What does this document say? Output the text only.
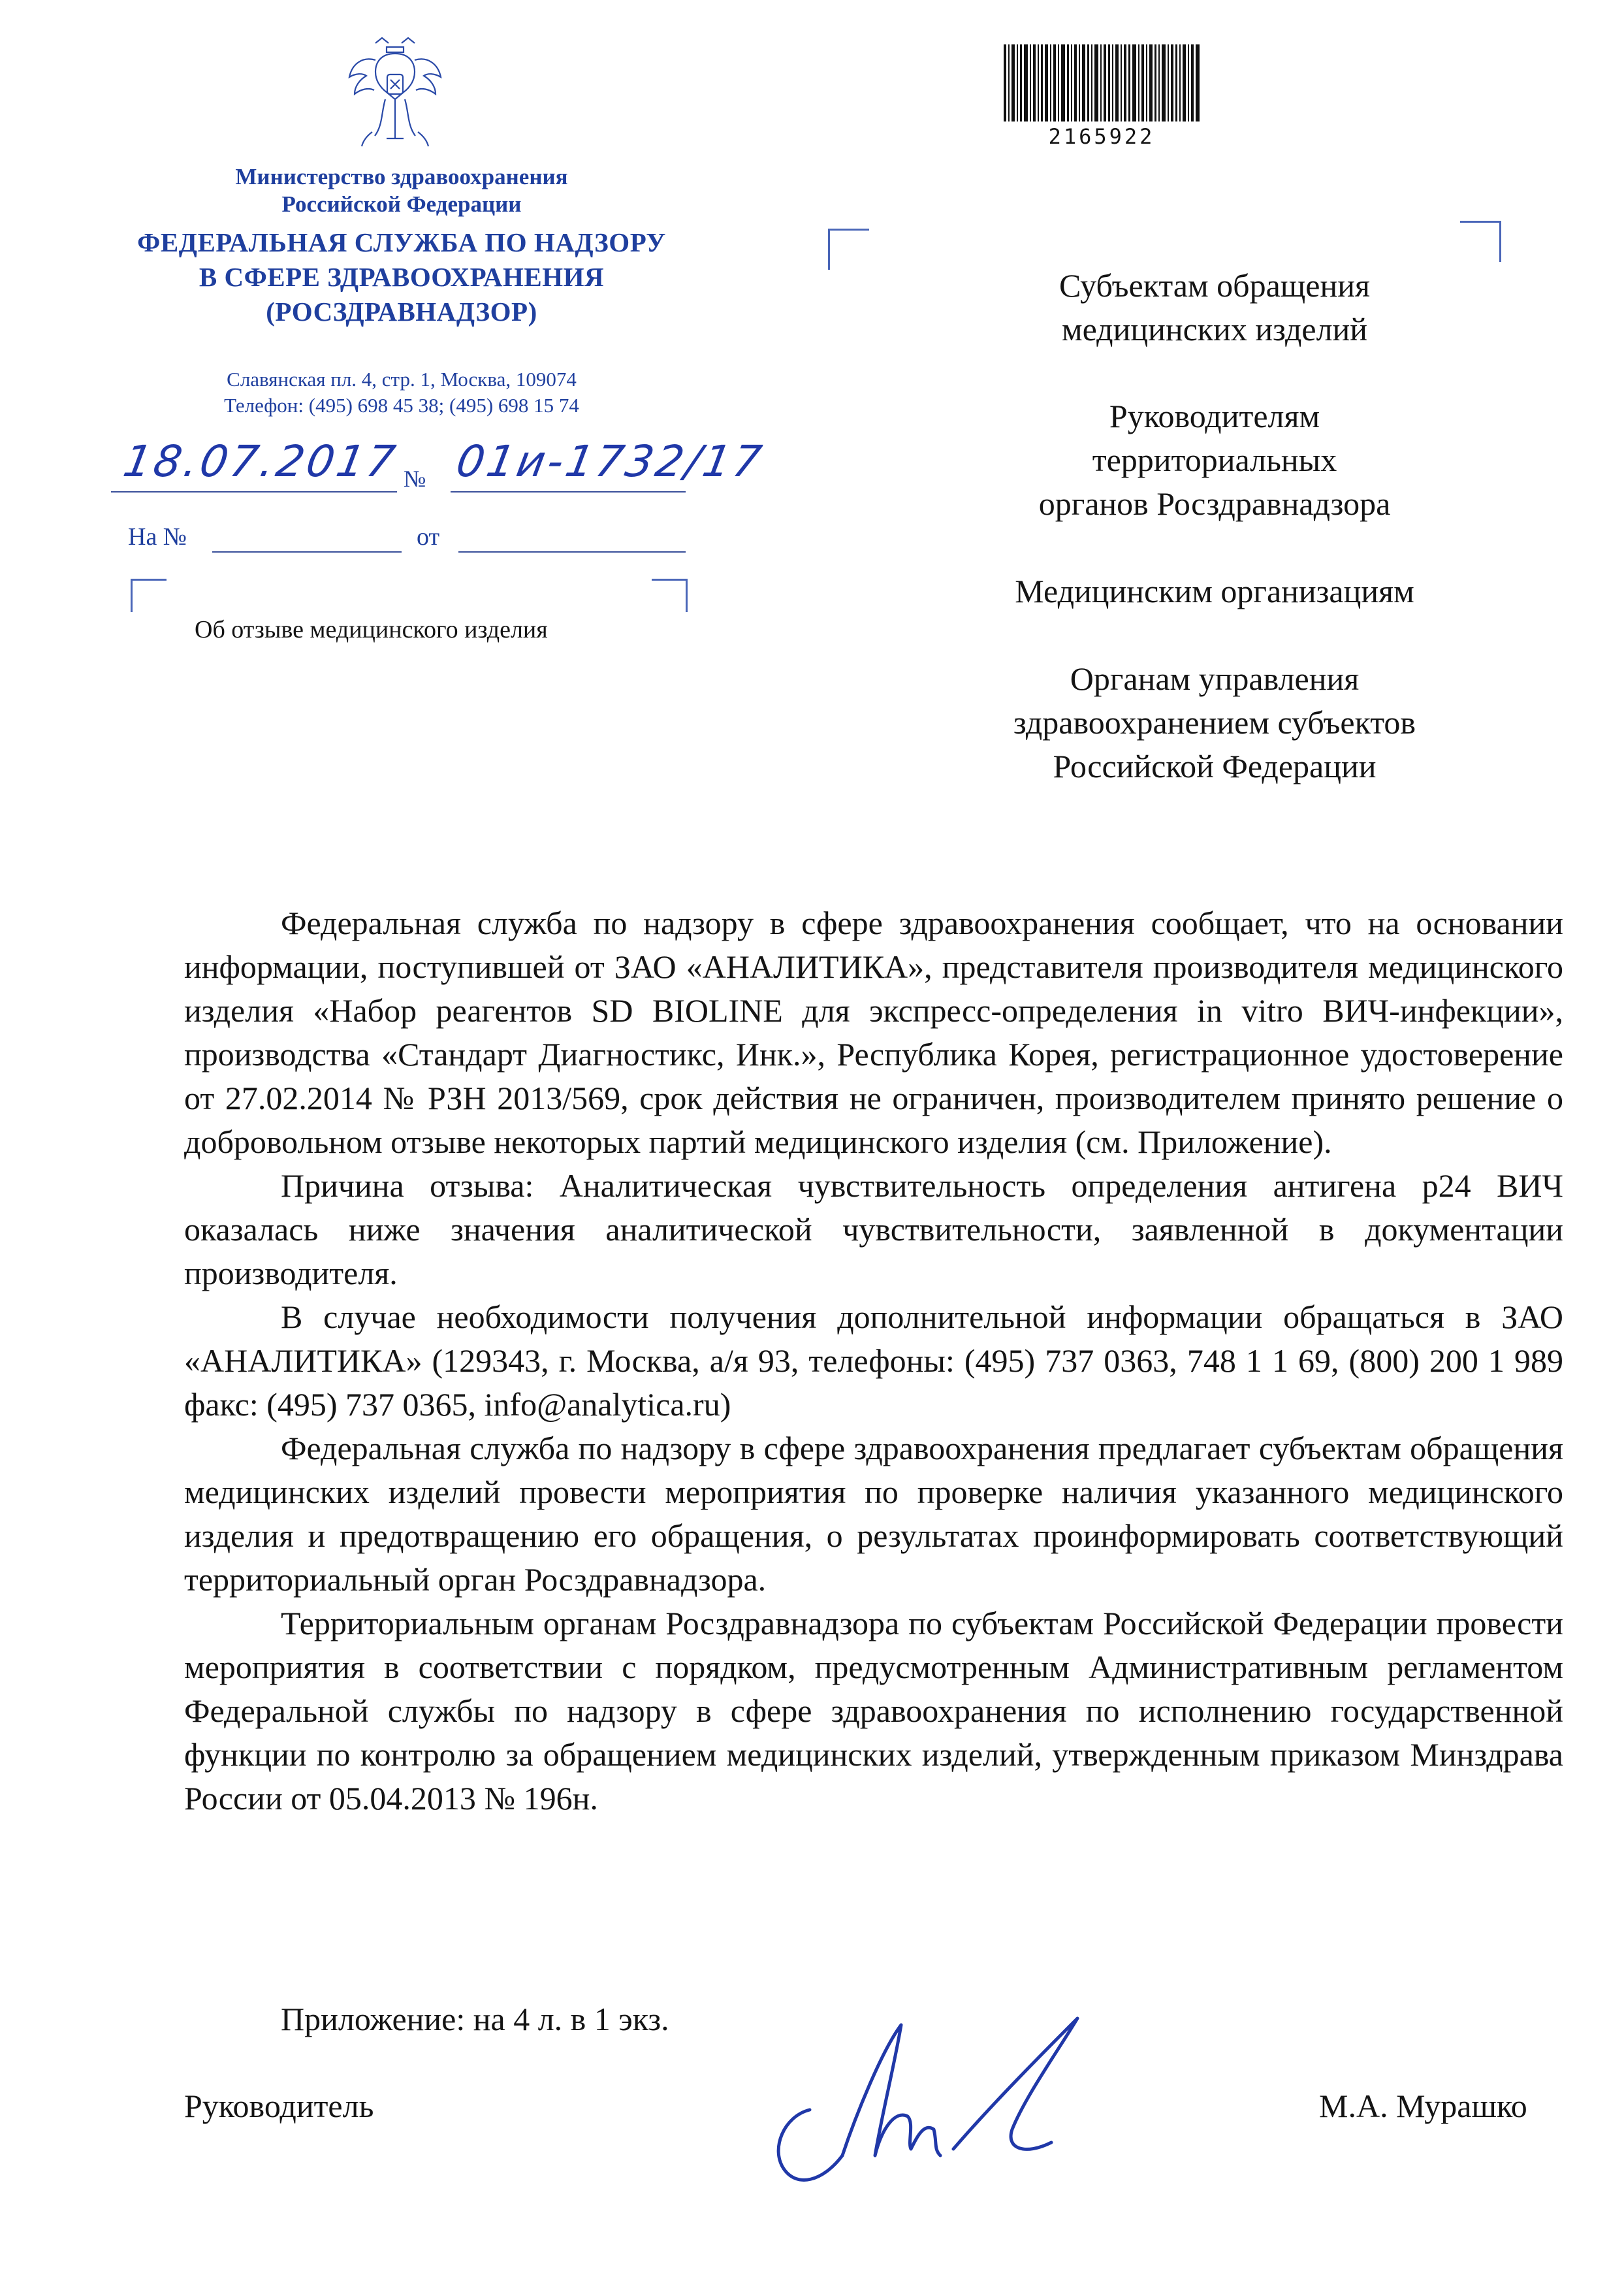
Министерство здравоохранения
Российской Федерации
ФЕДЕРАЛЬНАЯ СЛУЖБА ПО НАДЗОРУ
В СФЕРЕ ЗДРАВООХРАНЕНИЯ
(РОСЗДРАВНАДЗОР)
Славянская пл. 4, стр. 1, Москва, 109074
Телефон: (495) 698 45 38; (495) 698 15 74
18.07.2017 № 01и-1732/17
На №	от
Об отзыве медицинского изделия
2165922
Субъектам обращения
медицинских изделий
Руководителям
территориальных
органов Росздравнадзора
Медицинским организациям
Органам управления
здравоохранением субъектов
Российской Федерации

Федеральная служба по надзору в сфере здравоохранения сообщает, что на основании информации, поступившей от ЗАО «АНАЛИТИКА», представителя производителя медицинского изделия «Набор реагентов SD BIOLINE для экспресс-определения in vitro ВИЧ-инфекции», производства «Стандарт Диагностикс, Инк.», Республика Корея, регистрационное удостоверение от 27.02.2014 № РЗН 2013/569, срок действия не ограничен, производителем принято решение о добровольном отзыве некоторых партий медицинского изделия (см. Приложение).

Причина отзыва: Аналитическая чувствительность определения антигена р24 ВИЧ оказалась ниже значения аналитической чувствительности, заявленной в документации производителя.

В случае необходимости получения дополнительной информации обращаться в ЗАО «АНАЛИТИКА» (129343, г. Москва, а/я 93, телефоны: (495) 737 0363, 748 1 1 69, (800) 200 1 989 факс: (495) 737 0365, info@analytica.ru)

Федеральная служба по надзору в сфере здравоохранения предлагает субъектам обращения медицинских изделий провести мероприятия по проверке наличия указанного медицинского изделия и предотвращению его обращения, о результатах проинформировать соответствующий территориальный орган Росздравнадзора.

Территориальным органам Росздравнадзора по субъектам Российской Федерации провести мероприятия в соответствии с порядком, предусмотренным Административным регламентом Федеральной службы по надзору в сфере здравоохранения по исполнению государственной функции по контролю за обращением медицинских изделий, утвержденным приказом Минздрава России от 05.04.2013 № 196н.

Приложение: на 4 л. в 1 экз.
Руководитель	М.А. Мурашко
